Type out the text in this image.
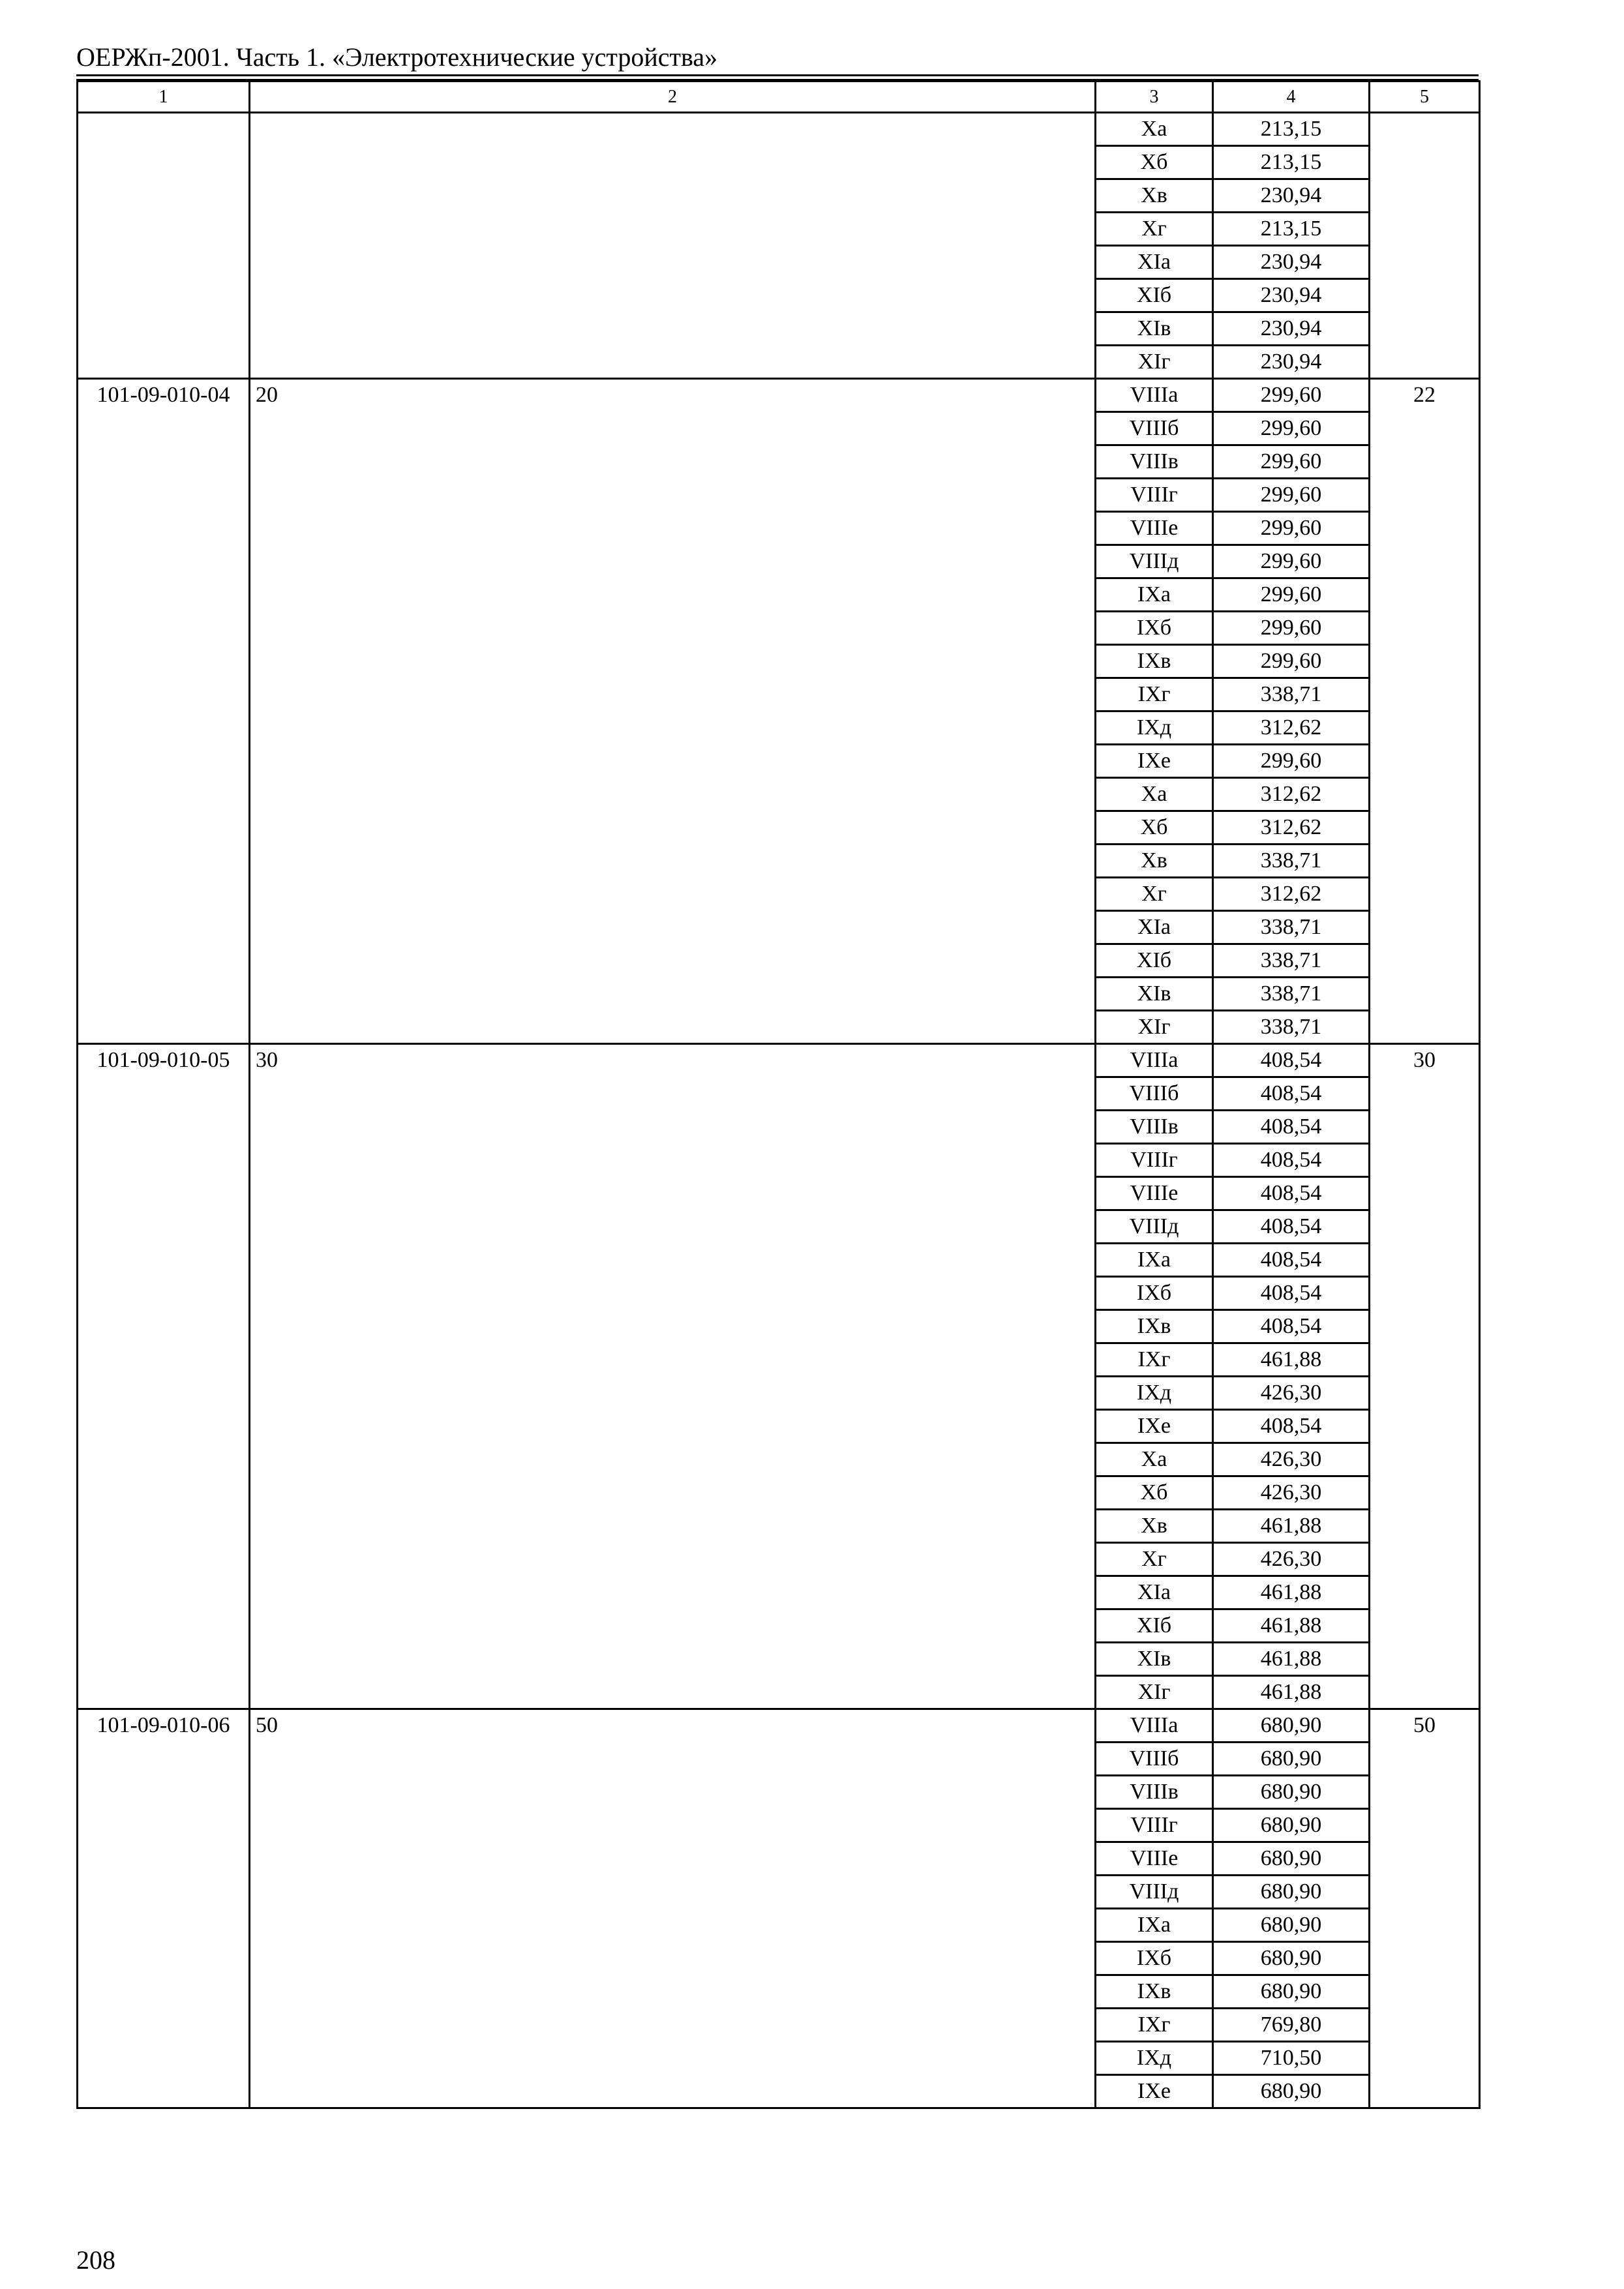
ОЕРЖп-2001. Часть 1. «Электротехнические устройства»
1	2	3	4	5
		Ха	213,15	
		Хб	213,15	
		Хв	230,94	
		Хг	213,15	
		ХIа	230,94	
		ХIб	230,94	
		ХIв	230,94	
		ХIг	230,94	
101-09-010-04	20	VIIIа	299,60	22
		VIIIб	299,60	
		VIIIв	299,60	
		VIIIг	299,60	
		VIIIе	299,60	
		VIIIд	299,60	
		IХа	299,60	
		IХб	299,60	
		IХв	299,60	
		IХг	338,71	
		IХд	312,62	
		IХе	299,60	
		Ха	312,62	
		Хб	312,62	
		Хв	338,71	
		Хг	312,62	
		ХIа	338,71	
		ХIб	338,71	
		ХIв	338,71	
		ХIг	338,71	
101-09-010-05	30	VIIIа	408,54	30
		VIIIб	408,54	
		VIIIв	408,54	
		VIIIг	408,54	
		VIIIе	408,54	
		VIIIд	408,54	
		IХа	408,54	
		IХб	408,54	
		IХв	408,54	
		IХг	461,88	
		IХд	426,30	
		IХе	408,54	
		Ха	426,30	
		Хб	426,30	
		Хв	461,88	
		Хг	426,30	
		ХIа	461,88	
		ХIб	461,88	
		ХIв	461,88	
		ХIг	461,88	
101-09-010-06	50	VIIIа	680,90	50
		VIIIб	680,90	
		VIIIв	680,90	
		VIIIг	680,90	
		VIIIе	680,90	
		VIIIд	680,90	
		IХа	680,90	
		IХб	680,90	
		IХв	680,90	
		IХг	769,80	
		IХд	710,50	
		IХе	680,90	
208
